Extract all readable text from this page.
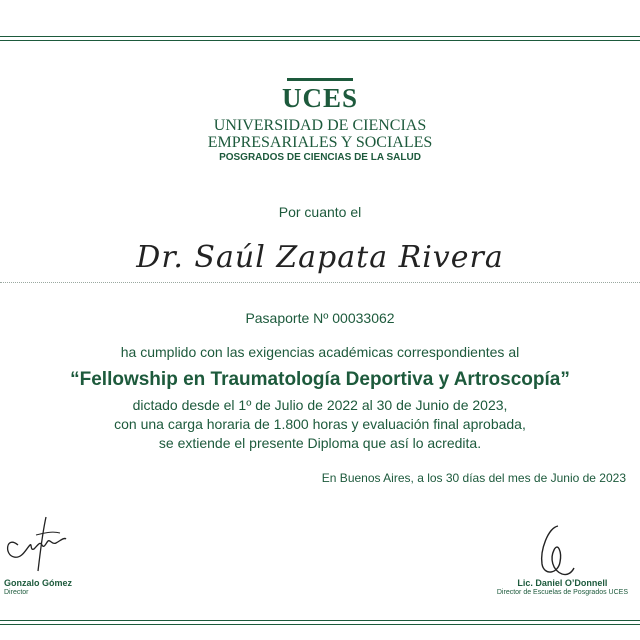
UCES
UNIVERSIDAD DE CIENCIAS
EMPRESARIALES Y SOCIALES
POSGRADOS DE CIENCIAS DE LA SALUD
Por cuanto el
Dr. Saúl Zapata Rivera
Pasaporte Nº 00033062
ha cumplido con las exigencias académicas correspondientes al
“Fellowship en Traumatología Deportiva y Artroscopía”
dictado desde el 1º de Julio de 2022 al 30 de Junio de 2023,
con una carga horaria de 1.800 horas y evaluación final aprobada,
se extiende el presente Diploma que así lo acredita.
En Buenos Aires, a los 30 días del mes de Junio de 2023
Gonzalo Gómez
Director
Lic. Daniel O’Donnell
Director de Escuelas de Posgrados UCES
